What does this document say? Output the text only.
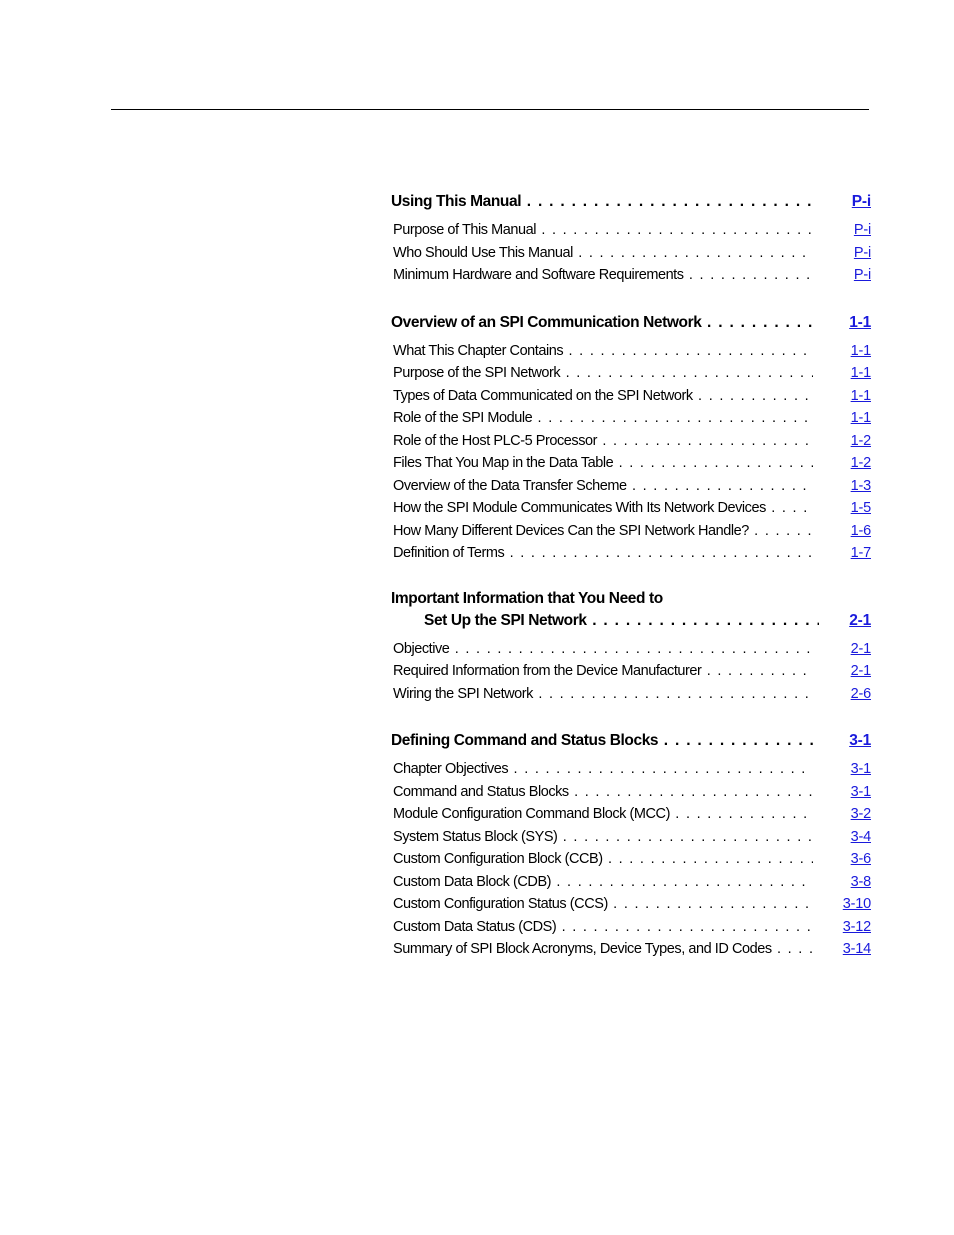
Using This Manual . . .	P-i
Purpose of This Manual . . .	P-i
Who Should Use This Manual . . .	P-i
Minimum Hardware and Software Requirements . . .	P-i
Overview of an SPI Communication Network . . .	1-1
What This Chapter Contains . . .	1-1
Purpose of the SPI Network . . .	1-1
Types of Data Communicated on the SPI Network . . .	1-1
Role of the SPI Module . . .	1-1
Role of the Host PLC-5 Processor . . .	1-2
Files That You Map in the Data Table . . .	1-2
Overview of the Data Transfer Scheme . . .	1-3
How the SPI Module Communicates With Its Network Devices . . .	1-5
How Many Different Devices Can the SPI Network Handle? . . .	1-6
Definition of Terms . . .	1-7
Important Information that You Need to
Set Up the SPI Network . . .	2-1
Objective . . .	2-1
Required Information from the Device Manufacturer . . .	2-1
Wiring the SPI Network . . .	2-6
Defining Command and Status Blocks . . .	3-1
Chapter Objectives . . .	3-1
Command and Status Blocks . . .	3-1
Module Configuration Command Block (MCC) . . .	3-2
System Status Block (SYS) . . .	3-4
Custom Configuration Block (CCB) . . .	3-6
Custom Data Block (CDB) . . .	3-8
Custom Configuration Status (CCS) . . .	3-10
Custom Data Status (CDS) . . .	3-12
Summary of SPI Block Acronyms, Device Types, and ID Codes . . .	3-14
